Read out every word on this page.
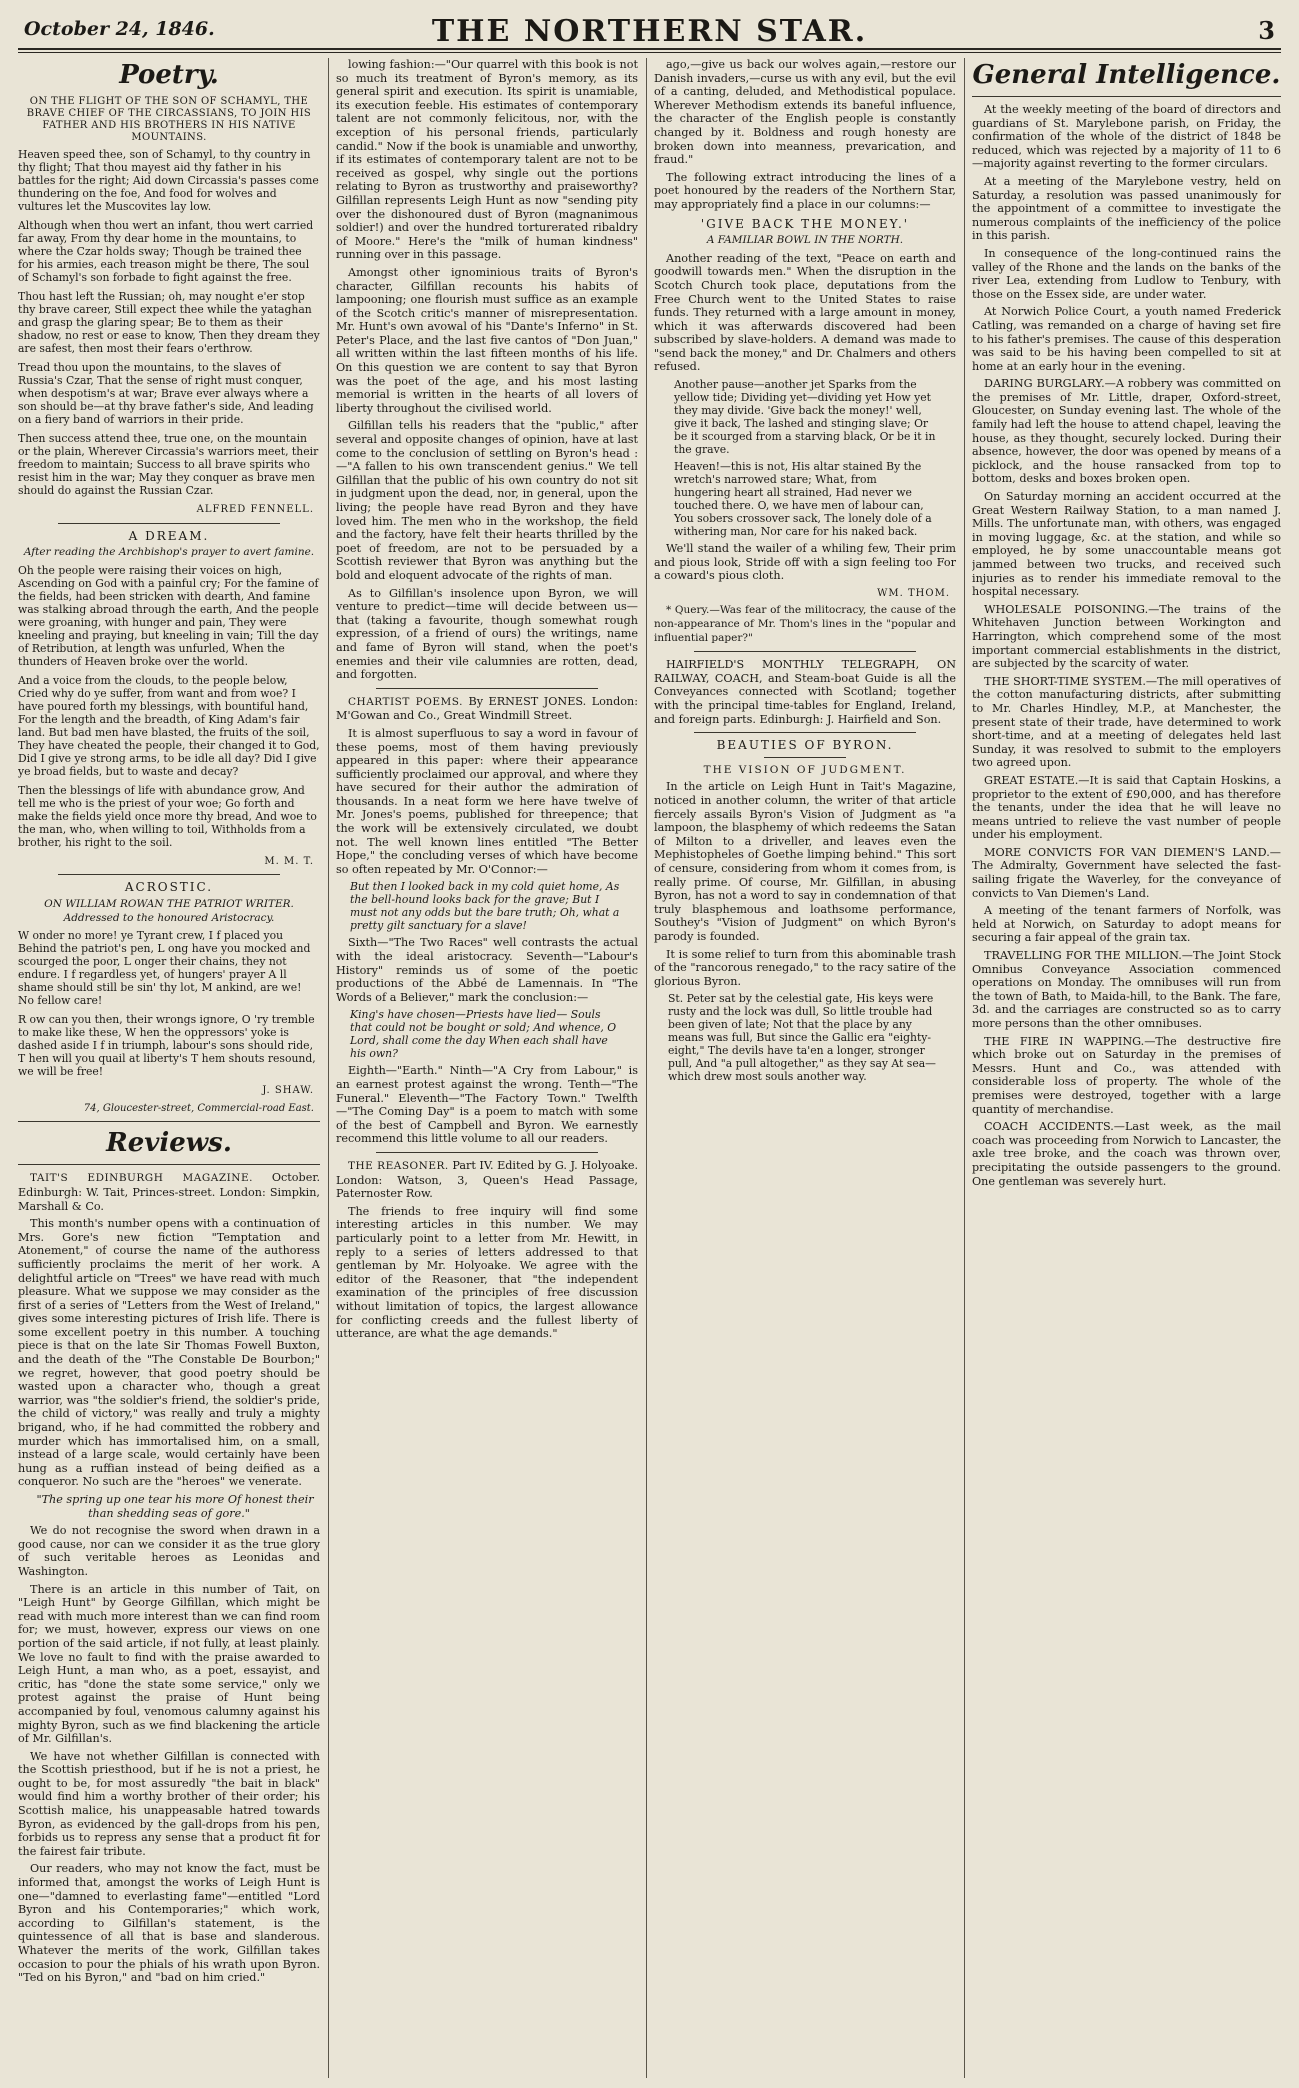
October 24, 1846.	THE NORTHERN STAR.	3
Poetry.
ON THE FLIGHT OF THE SON OF SCHAMYL, THE BRAVE CHIEF OF THE CIRCASSIANS, TO JOIN HIS FATHER AND HIS BROTHERS IN HIS NATIVE MOUNTAINS.

Heaven speed thee, son of Schamyl, to thy country in thy flight; That thou mayest aid thy father in his battles for the right; Aid down Circassia's passes come thundering on the foe, And food for wolves and vultures let the Muscovites lay low.

Although when thou wert an infant, thou wert carried far away, From thy dear home in the mountains, to where the Czar holds sway; Though be trained thee for his armies, each treason might be there, The soul of Schamyl's son forbade to fight against the free.

Thou hast left the Russian; oh, may nought e'er stop thy brave career, Still expect thee while the yataghan and grasp the glaring spear; Be to them as their shadow, no rest or ease to know, Then they dream they are safest, then most their fears o'erthrow.

Tread thou upon the mountains, to the slaves of Russia's Czar, That the sense of right must conquer, when despotism's at war; Brave ever always where a son should be—at thy brave father's side, And leading on a fiery band of warriors in their pride.

Then success attend thee, true one, on the mountain or the plain, Wherever Circassia's warriors meet, their freedom to maintain; Success to all brave spirits who resist him in the war; May they conquer as brave men should do against the Russian Czar.

ALFRED FENNELL.
A DREAM.
After reading the Archbishop's prayer to avert famine.

Oh the people were raising their voices on high, Ascending on God with a painful cry; For the famine of the fields, had been stricken with dearth, And famine was stalking abroad through the earth, And the people were groaning, with hunger and pain, They were kneeling and praying, but kneeling in vain; Till the day of Retribution, at length was unfurled, When the thunders of Heaven broke over the world.

And a voice from the clouds, to the people below, Cried why do ye suffer, from want and from woe? I have poured forth my blessings, with bountiful hand, For the length and the breadth, of King Adam's fair land. But bad men have blasted, the fruits of the soil, They have cheated the people, their changed it to God, Did I give ye strong arms, to be idle all day? Did I give ye broad fields, but to waste and decay?

Then the blessings of life with abundance grow, And tell me who is the priest of your woe; Go forth and make the fields yield once more thy bread, And woe to the man, who, when willing to toil, Withholds from a brother, his right to the soil.

M. M. T.
ACROSTIC.
ON WILLIAM ROWAN THE PATRIOT WRITER. Addressed to the honoured Aristocracy.

W onder no more! ye Tyrant crew, I f placed you Behind the patriot's pen, L ong have you mocked and scourged the poor, L onger their chains, they not endure. I f regardless yet, of hungers' prayer A ll shame should still be sin' thy lot, M ankind, are we! No fellow care!

R ow can you then, their wrongs ignore, O 'ry tremble to make like these, W hen the oppressors' yoke is dashed aside I f in triumph, labour's sons should ride, T hen will you quail at liberty's T hem shouts resound, we will be free!

J. SHAW.
74, Gloucester-street, Commercial-road East.
Reviews.

TAIT'S EDINBURGH MAGAZINE. October. Edinburgh: W. Tait, Princes-street. London: Simpkin, Marshall & Co.

This month's number opens with a continuation of Mrs. Gore's new fiction "Temptation and Atonement," of course the name of the authoress sufficiently proclaims the merit of her work. A delightful article on "Trees" we have read with much pleasure. What we suppose we may consider as the first of a series of "Letters from the West of Ireland," gives some interesting pictures of Irish life. There is some excellent poetry in this number. A touching piece is that on the late Sir Thomas Fowell Buxton, and the death of the "The Constable De Bourbon;" we regret, however, that good poetry should be wasted upon a character who, though a great warrior, was "the soldier's friend, the soldier's pride, the child of victory," was really and truly a mighty brigand, who, if he had committed the robbery and murder which has immortalised him, on a small, instead of a large scale, would certainly have been hung as a ruffian instead of being deified as a conqueror. No such are the "heroes" we venerate.

"The spring up one tear his more Of honest their than shedding seas of gore."

We do not recognise the sword when drawn in a good cause, nor can we consider it as the true glory of such veritable heroes as Leonidas and Washington.

There is an article in this number of Tait, on "Leigh Hunt" by George Gilfillan, which might be read with much more interest than we can find room for; we must, however, express our views on one portion of the said article, if not fully, at least plainly. We love no fault to find with the praise awarded to Leigh Hunt, a man who, as a poet, essayist, and critic, has "done the state some service," only we protest against the praise of Hunt being accompanied by foul, venomous calumny against his mighty Byron, such as we find blackening the article of Mr. Gilfillan's.

We have not whether Gilfillan is connected with the Scottish priesthood, but if he is not a priest, he ought to be, for most assuredly "the bait in black" would find him a worthy brother of their order; his Scottish malice, his unappeasable hatred towards Byron, as evidenced by the gall-drops from his pen, forbids us to repress any sense that a product fit for the fairest fair tribute.

Our readers, who may not know the fact, must be informed that, amongst the works of Leigh Hunt is one—"damned to everlasting fame"—entitled "Lord Byron and his Contemporaries;" which work, according to Gilfillan's statement, is the quintessence of all that is base and slanderous. Whatever the merits of the work, Gilfillan takes occasion to pour the phials of his wrath upon Byron. "Ted on his Byron," and "bad on him cried."

lowing fashion:—"Our quarrel with this book is not so much its treatment of Byron's memory, as its general spirit and execution. Its spirit is unamiable, its execution feeble. His estimates of contemporary talent are not commonly felicitous, nor, with the exception of his personal friends, particularly candid." Now if the book is unamiable and unworthy, if its estimates of contemporary talent are not to be received as gospel, why single out the portions relating to Byron as trustworthy and praiseworthy? Gilfillan represents Leigh Hunt as now "sending pity over the dishonoured dust of Byron (magnanimous soldier!) and over the hundred torturerated ribaldry of Moore." Here's the "milk of human kindness" running over in this passage.

Amongst other ignominious traits of Byron's character, Gilfillan recounts his habits of lampooning; one flourish must suffice as an example of the Scotch critic's manner of misrepresentation. Mr. Hunt's own avowal of his "Dante's Inferno" in St. Peter's Place, and the last five cantos of "Don Juan," all written within the last fifteen months of his life. On this question we are content to say that Byron was the poet of the age, and his most lasting memorial is written in the hearts of all lovers of liberty throughout the civilised world.

Gilfillan tells his readers that the "public," after several and opposite changes of opinion, have at last come to the conclusion of settling on Byron's head :—"A fallen to his own transcendent genius." We tell Gilfillan that the public of his own country do not sit in judgment upon the dead, nor, in general, upon the living; the people have read Byron and they have loved him. The men who in the workshop, the field and the factory, have felt their hearts thrilled by the poet of freedom, are not to be persuaded by a Scottish reviewer that Byron was anything but the bold and eloquent advocate of the rights of man.

As to Gilfillan's insolence upon Byron, we will venture to predict—time will decide between us—that (taking a favourite, though somewhat rough expression, of a friend of ours) the writings, name and fame of Byron will stand, when the poet's enemies and their vile calumnies are rotten, dead, and forgotten.

CHARTIST POEMS. By ERNEST JONES. London: M'Gowan and Co., Great Windmill Street.

It is almost superfluous to say a word in favour of these poems, most of them having previously appeared in this paper: where their appearance sufficiently proclaimed our approval, and where they have secured for their author the admiration of thousands. In a neat form we here have twelve of Mr. Jones's poems, published for threepence; that the work will be extensively circulated, we doubt not. The well known lines entitled "The Better Hope," the concluding verses of which have become so often repeated by Mr. O'Connor:—

But then I looked back in my cold quiet home, As the bell-hound looks back for the grave; But I must not any odds but the bare truth; Oh, what a pretty gilt sanctuary for a slave!

Sixth—"The Two Races" well contrasts the actual with the ideal aristocracy. Seventh—"Labour's History" reminds us of some of the poetic productions of the Abbé de Lamennais. In "The Words of a Believer," mark the conclusion:—

King's have chosen—Priests have lied— Souls that could not be bought or sold; And whence, O Lord, shall come the day When each shall have his own?

Eighth—"Earth." Ninth—"A Cry from Labour," is an earnest protest against the wrong. Tenth—"The Funeral." Eleventh—"The Factory Town." Twelfth—"The Coming Day" is a poem to match with some of the best of Campbell and Byron. We earnestly recommend this little volume to all our readers.

THE REASONER. Part IV. Edited by G. J. Holyoake. London: Watson, 3, Queen's Head Passage, Paternoster Row.

The friends to free inquiry will find some interesting articles in this number. We may particularly point to a letter from Mr. Hewitt, in reply to a series of letters addressed to that gentleman by Mr. Holyoake. We agree with the editor of the Reasoner, that "the independent examination of the principles of free discussion without limitation of topics, the largest allowance for conflicting creeds and the fullest liberty of utterance, are what the age demands."

ago,—give us back our wolves again,—restore our Danish invaders,—curse us with any evil, but the evil of a canting, deluded, and Methodistical populace. Wherever Methodism extends its baneful influence, the character of the English people is constantly changed by it. Boldness and rough honesty are broken down into meanness, prevarication, and fraud."

The following extract introducing the lines of a poet honoured by the readers of the Northern Star, may appropriately find a place in our columns:—

'GIVE BACK THE MONEY.'
A FAMILIAR BOWL IN THE NORTH.

Another reading of the text, "Peace on earth and goodwill towards men." When the disruption in the Scotch Church took place, deputations from the Free Church went to the United States to raise funds. They returned with a large amount in money, which it was afterwards discovered had been subscribed by slave-holders. A demand was made to "send back the money," and Dr. Chalmers and others refused.

Another pause—another jet Sparks from the yellow tide; Dividing yet—dividing yet How yet they may divide. 'Give back the money!' well, give it back, The lashed and stinging slave; Or be it scourged from a starving black, Or be it in the grave.
Heaven!—this is not, His altar stained By the wretch's narrowed stare; What, from hungering heart all strained, Had never we touched there. O, we have men of labour can, You sobers crossover sack, The lonely dole of a withering man, Nor care for his naked back.

We'll stand the wailer of a whiling few, Their prim and pious look, Stride off with a sign feeling too For a coward's pious cloth.

WM. THOM.

* Query.—Was fear of the militocracy, the cause of the non-appearance of Mr. Thom's lines in the "popular and influential paper?"

HAIRFIELD'S MONTHLY TELEGRAPH, ON RAILWAY, COACH, and Steam-boat Guide is all the Conveyances connected with Scotland; together with the principal time-tables for England, Ireland, and foreign parts. Edinburgh: J. Hairfield and Son.

BEAUTIES OF BYRON.
THE VISION OF JUDGMENT.

In the article on Leigh Hunt in Tait's Magazine, noticed in another column, the writer of that article fiercely assails Byron's Vision of Judgment as "a lampoon, the blasphemy of which redeems the Satan of Milton to a driveller, and leaves even the Mephistopheles of Goethe limping behind." This sort of censure, considering from whom it comes from, is really prime. Of course, Mr. Gilfillan, in abusing Byron, has not a word to say in condemnation of that truly blasphemous and loathsome performance, Southey's "Vision of Judgment" on which Byron's parody is founded.

It is some relief to turn from this abominable trash of the "rancorous renegado," to the racy satire of the glorious Byron.

St. Peter sat by the celestial gate, His keys were rusty and the lock was dull, So little trouble had been given of late; Not that the place by any means was full, But since the Gallic era "eighty-eight," The devils have ta'en a longer, stronger pull, And "a pull altogether," as they say At sea—which drew most souls another way.
General Intelligence.

At the weekly meeting of the board of directors and guardians of St. Marylebone parish, on Friday, the confirmation of the whole of the district of 1848 be reduced, which was rejected by a majority of 11 to 6—majority against reverting to the former circulars.

At a meeting of the Marylebone vestry, held on Saturday, a resolution was passed unanimously for the appointment of a committee to investigate the numerous complaints of the inefficiency of the police in this parish.

In consequence of the long-continued rains the valley of the Rhone and the lands on the banks of the river Lea, extending from Ludlow to Tenbury, with those on the Essex side, are under water.

At Norwich Police Court, a youth named Frederick Catling, was remanded on a charge of having set fire to his father's premises. The cause of this desperation was said to be his having been compelled to sit at home at an early hour in the evening.

DARING BURGLARY.—A robbery was committed on the premises of Mr. Little, draper, Oxford-street, Gloucester, on Sunday evening last. The whole of the family had left the house to attend chapel, leaving the house, as they thought, securely locked. During their absence, however, the door was opened by means of a picklock, and the house ransacked from top to bottom, desks and boxes broken open.

On Saturday morning an accident occurred at the Great Western Railway Station, to a man named J. Mills. The unfortunate man, with others, was engaged in moving luggage, &c. at the station, and while so employed, he by some unaccountable means got jammed between two trucks, and received such injuries as to render his immediate removal to the hospital necessary.

WHOLESALE POISONING.—The trains of the Whitehaven Junction between Workington and Harrington, which comprehend some of the most important commercial establishments in the district, are subjected by the scarcity of water.

THE SHORT-TIME SYSTEM.—The mill operatives of the cotton manufacturing districts, after submitting to Mr. Charles Hindley, M.P., at Manchester, the present state of their trade, have determined to work short-time, and at a meeting of delegates held last Sunday, it was resolved to submit to the employers two agreed upon.

GREAT ESTATE.—It is said that Captain Hoskins, a proprietor to the extent of £90,000, and has therefore the tenants, under the idea that he will leave no means untried to relieve the vast number of people under his employment.

MORE CONVICTS FOR VAN DIEMEN'S LAND.—The Admiralty, Government have selected the fast-sailing frigate the Waverley, for the conveyance of convicts to Van Diemen's Land.

A meeting of the tenant farmers of Norfolk, was held at Norwich, on Saturday to adopt means for securing a fair appeal of the grain tax.

TRAVELLING FOR THE MILLION.—The Joint Stock Omnibus Conveyance Association commenced operations on Monday. The omnibuses will run from the town of Bath, to Maida-hill, to the Bank. The fare, 3d. and the carriages are constructed so as to carry more persons than the other omnibuses.

THE FIRE IN WAPPING.—The destructive fire which broke out on Saturday in the premises of Messrs. Hunt and Co., was attended with considerable loss of property. The whole of the premises were destroyed, together with a large quantity of merchandise.

COACH ACCIDENTS.—Last week, as the mail coach was proceeding from Norwich to Lancaster, the axle tree broke, and the coach was thrown over, precipitating the outside passengers to the ground. One gentleman was severely hurt.
